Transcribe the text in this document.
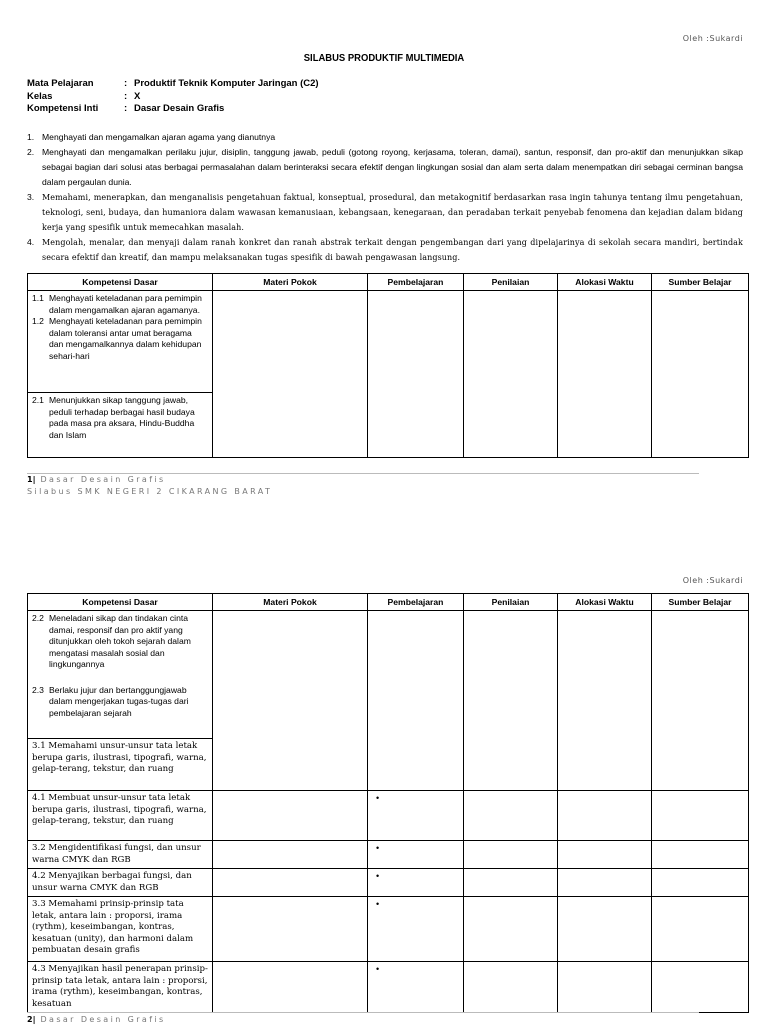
Oleh :Sukardi
SILABUS PRODUKTIF MULTIMEDIA
Mata Pelajaran	: Produktif Teknik Komputer Jaringan (C2)
Kelas	: X
Kompetensi Inti	: Dasar Desain Grafis
1. Menghayati dan mengamalkan ajaran agama yang dianutnya
2. Menghayati dan mengamalkan perilaku jujur, disiplin, tanggung jawab, peduli (gotong royong, kerjasama, toleran, damai), santun, responsif, dan pro-aktif dan menunjukkan sikap sebagai bagian dari solusi atas berbagai permasalahan dalam berinteraksi secara efektif dengan lingkungan sosial dan alam serta dalam menempatkan diri sebagai cerminan bangsa dalam pergaulan dunia.
3. Memahami, menerapkan, dan menganalisis pengetahuan faktual, konseptual, prosedural, dan metakognitif berdasarkan rasa ingin tahunya tentang ilmu pengetahuan, teknologi, seni, budaya, dan humaniora dalam wawasan kemanusiaan, kebangsaan, kenegaraan, dan peradaban terkait penyebab fenomena dan kejadian dalam bidang kerja yang spesifik untuk memecahkan masalah.
4. Mengolah, menalar, dan menyaji dalam ranah konkret dan ranah abstrak terkait dengan pengembangan dari yang dipelajarinya di sekolah secara mandiri, bertindak secara efektif dan kreatif, dan mampu melaksanakan tugas spesifik di bawah pengawasan langsung.
Kompetensi Dasar	Materi Pokok	Pembelajaran	Penilaian	Alokasi Waktu	Sumber Belajar

1.1 Menghayati keteladanan para pemimpin dalam mengamalkan ajaran agamanya.
1.2 Menghayati keteladanan para pemimpin dalam toleransi antar umat beragama dan mengamalkannya dalam kehidupan sehari-hari					

2.1 Menunjukkan sikap tanggung jawab, peduli terhadap berbagai hasil budaya pada masa pra aksara, Hindu-Buddha dan Islam					
1| Dasar Desain Grafis
Silabus SMK NEGERI 2 CIKARANG BARAT
Oleh :Sukardi
Kompetensi Dasar	Materi Pokok	Pembelajaran	Penilaian	Alokasi Waktu	Sumber Belajar

2.2 Meneladani sikap dan tindakan cinta damai, responsif dan pro aktif yang ditunjukkan oleh tokoh sejarah dalam mengatasi masalah sosial dan lingkungannya
2.3 Berlaku jujur dan bertanggungjawab dalam mengerjakan tugas-tugas dari pembelajaran sejarah					

3.1 Memahami unsur-unsur tata letak berupa garis, ilustrasi, tipografi, warna, gelap-terang, tekstur, dan ruang					
4.1 Membuat unsur-unsur tata letak berupa garis, ilustrasi, tipografi, warna, gelap-terang, tekstur, dan ruang		•			
3.2 Mengidentifikasi fungsi, dan unsur warna CMYK dan RGB		•			
4.2 Menyajikan berbagai fungsi, dan unsur warna CMYK dan RGB		•			
3.3 Memahami prinsip-prinsip tata letak, antara lain : proporsi, irama (rythm), keseimbangan, kontras, kesatuan (unity), dan harmoni dalam pembuatan desain grafis		•			
4.3 Menyajikan hasil penerapan prinsip-prinsip tata letak, antara lain : proporsi, irama (rythm), keseimbangan, kontras, kesatuan		•			
2| Dasar Desain Grafis
